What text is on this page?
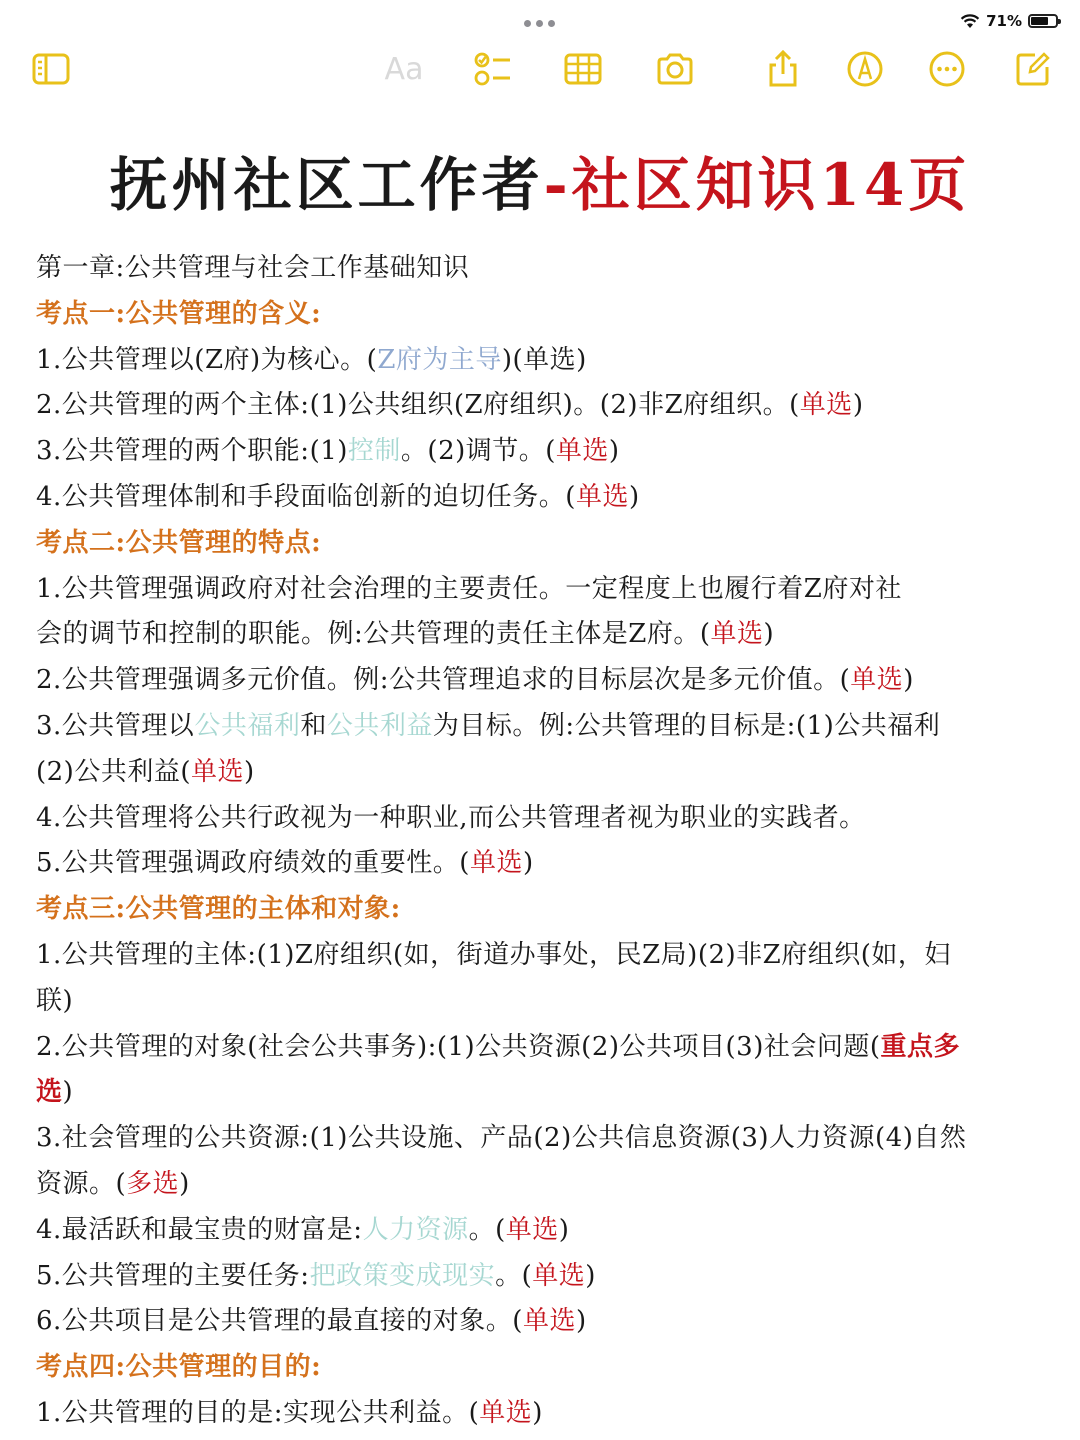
71%
Aa
抚州社区工作者-社区知识14页
第一章:公共管理与社会工作基础知识
考点一:公共管理的含义:
1.公共管理以(Z府)为核心。(Z府为主导)(单选)
2.公共管理的两个主体:(1)公共组织(Z府组织)。(2)非Z府组织。(单选)
3.公共管理的两个职能:(1)控制。(2)调节。(单选)
4.公共管理体制和手段面临创新的迫切任务。(单选)
考点二:公共管理的特点:
1.公共管理强调政府对社会治理的主要责任。一定程度上也履行着Z府对社
会的调节和控制的职能。例:公共管理的责任主体是Z府。(单选)
2.公共管理强调多元价值。例:公共管理追求的目标层次是多元价值。(单选)
3.公共管理以公共福利和公共利益为目标。例:公共管理的目标是:(1)公共福利
(2)公共利益(单选)
4.公共管理将公共行政视为一种职业,而公共管理者视为职业的实践者。
5.公共管理强调政府绩效的重要性。(单选)
考点三:公共管理的主体和对象:
1.公共管理的主体:(1)Z府组织(如，街道办事处，民Z局)(2)非Z府组织(如，妇
联)
2.公共管理的对象(社会公共事务):(1)公共资源(2)公共项目(3)社会问题(重点多
选)
3.社会管理的公共资源:(1)公共设施、产品(2)公共信息资源(3)人力资源(4)自然
资源。(多选)
4.最活跃和最宝贵的财富是:人力资源。(单选)
5.公共管理的主要任务:把政策变成现实。(单选)
6.公共项目是公共管理的最直接的对象。(单选)
考点四:公共管理的目的:
1.公共管理的目的是:实现公共利益。(单选)
